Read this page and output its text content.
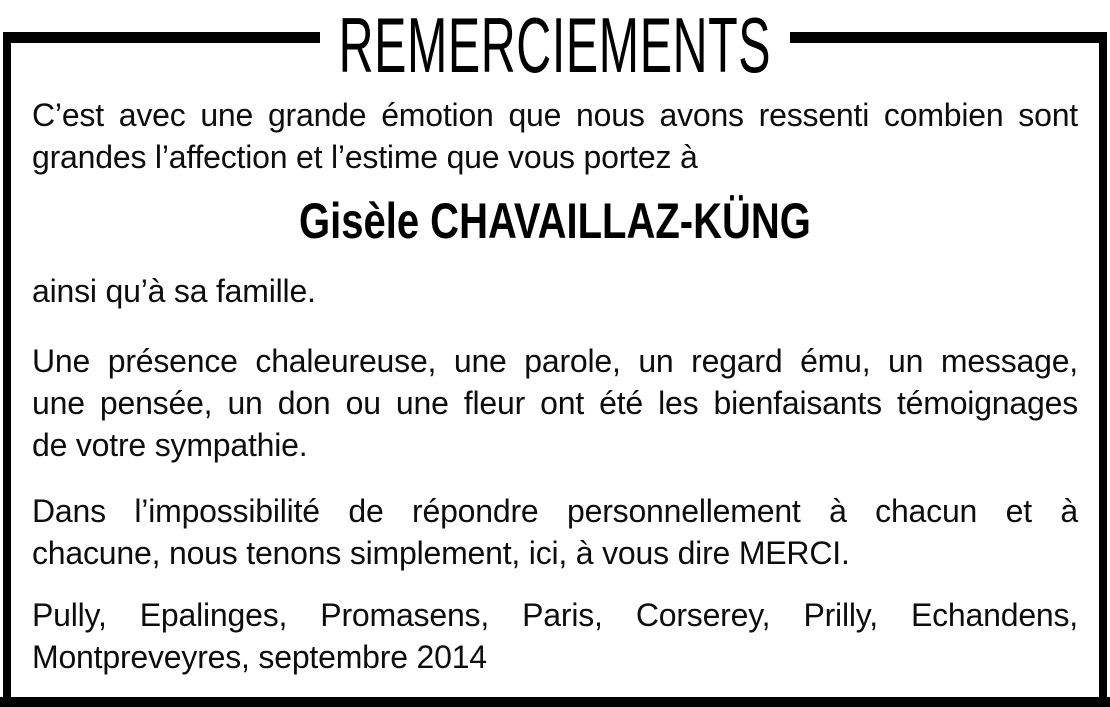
REMERCIEMENTS
C’est avec une grande émotion que nous avons ressenti combien sont
grandes l’affection et l’estime que vous portez à
Gisèle CHAVAILLAZ-KÜNG
ainsi qu’à sa famille.
Une présence chaleureuse, une parole, un regard ému, un message,
une pensée, un don ou une fleur ont été les bienfaisants témoignages
de votre sympathie.
Dans l’impossibilité de répondre personnellement à chacun et à
chacune, nous tenons simplement, ici, à vous dire MERCI.
Pully, Epalinges, Promasens, Paris, Corserey, Prilly, Echandens,
Montpreveyres, septembre 2014
